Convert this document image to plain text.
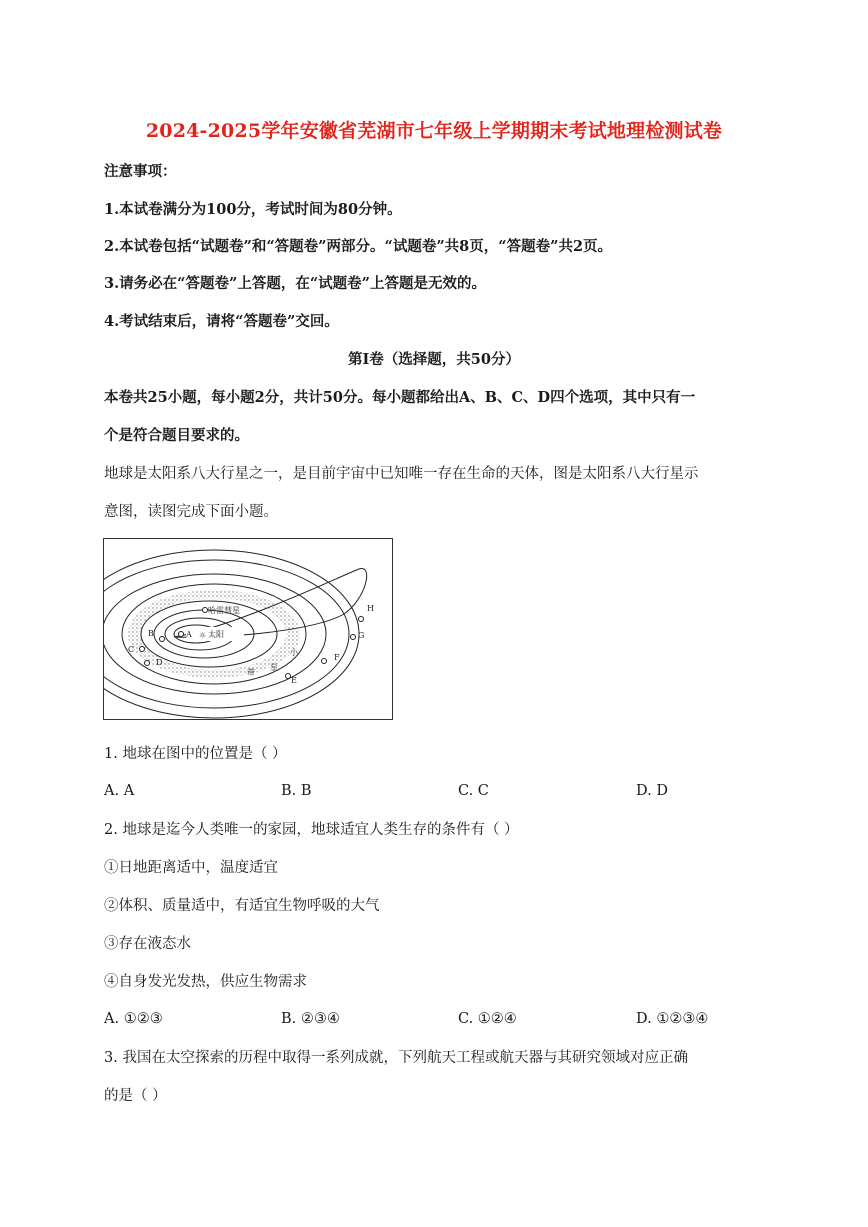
2024-2025学年安徽省芜湖市七年级上学期期末考试地理检测试卷
注意事项：
1.本试卷满分为100分，考试时间为80分钟。
2.本试卷包括“试题卷”和“答题卷”两部分。“试题卷”共8页，“答题卷”共2页。
3.请务必在“答题卷”上答题，在“试题卷”上答题是无效的。
4.考试结束后，请将“答题卷”交回。
第Ⅰ卷（选择题，共50分）
本卷共25小题，每小题2分，共计50分。每小题都给出A、B、C、D四个选项，其中只有一
个是符合题目要求的。
地球是太阳系八大行星之一，是目前宇宙中已知唯一存在生命的天体，图是太阳系八大行星示
意图，读图完成下面小题。
☼
哈雷彗星
A 太阳
B
C
D
E
F
G
H
带
星
小
1. 地球在图中的位置是（ ）
A. A	B. B	C. C	D. D
2. 地球是迄今人类唯一的家园，地球适宜人类生存的条件有（ ）
①日地距离适中，温度适宜
②体积、质量适中，有适宜生物呼吸的大气
③存在液态水
④自身发光发热，供应生物需求
A. ①②③	B. ②③④	C. ①②④	D. ①②③④
3. 我国在太空探索的历程中取得一系列成就，下列航天工程或航天器与其研究领域对应正确
的是（ ）
